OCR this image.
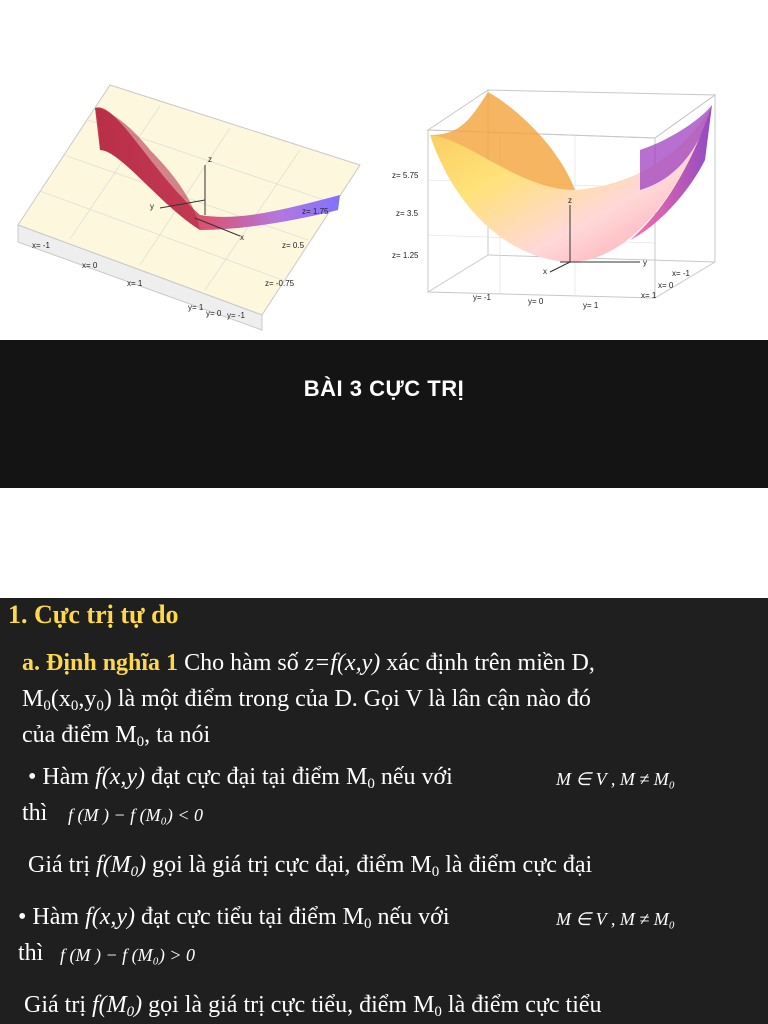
x= -1
x= 0
x= 1
y= 1
y= 0 y= -1
z= 1.75
z= 0.5
z= -0.75
x
y
z
z= 5.75
z= 3.5
z= 1.25
y= -1	y= 0	y= 1
x= -1
x= 0
x= 1
x
y
z
BÀI 3 CỰC TRỊ
1. Cực trị tự do
a. Định nghĩa 1 Cho hàm số z=f(x,y) xác định trên miền D,
$M_0(x_0,y_0)$ là một điểm trong của D. Gọi V là lân cận nào đó
của điểm $M_0$, ta nói
• Hàm f(x,y) đạt cực đại tại điểm $M_0$ nếu với	M ∈ V , M ≠ M₀
thì f (M ) − f (M₀) < 0
Giá trị $f(M_0)$ gọi là giá trị cực đại, điểm $M_0$ là điểm cực đại
• Hàm f(x,y) đạt cực tiểu tại điểm $M_0$ nếu với	M ∈ V , M ≠ M₀
thì f (M ) − f (M₀) > 0
Giá trị $f(M_0)$ gọi là giá trị cực tiểu, điểm $M_0$ là điểm cực tiểu
